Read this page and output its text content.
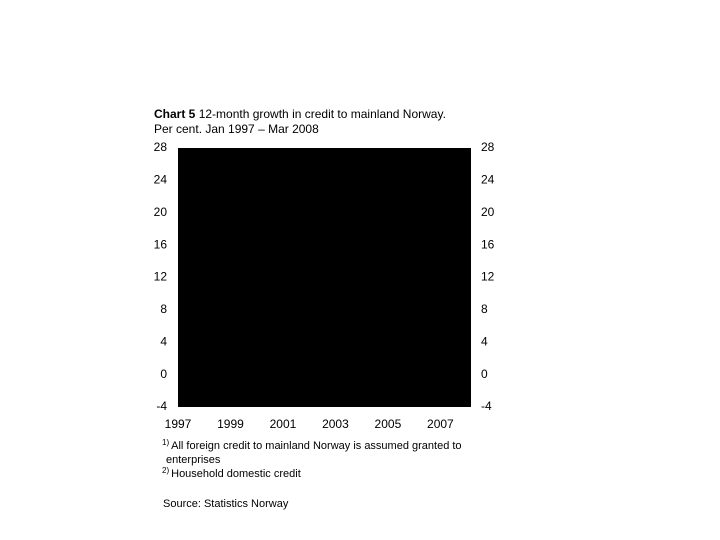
Chart 5 12-month growth in credit to mainland Norway.
Per cent. Jan 1997 – Mar 2008
-4
0
4
8
12
16
20
24
28
-4
0
4
8
12
16
20
24
28
1997 1999 2001 2003 2005 2007
$^{1)}$ All foreign credit to mainland Norway is assumed granted to
enterprises
$^{2)}$ Household domestic credit
Source: Statistics Norway
